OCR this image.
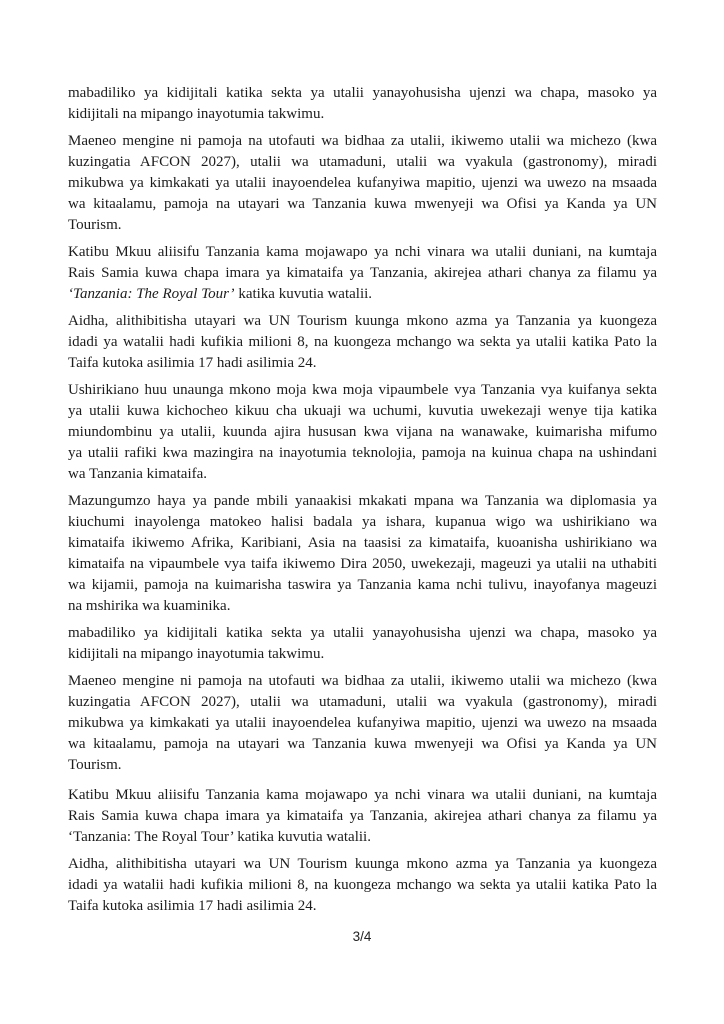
mabadiliko ya kidijitali katika sekta ya utalii yanayohusisha ujenzi wa chapa, masoko ya
kidijitali na mipango inayotumia takwimu.
Maeneo mengine ni pamoja na utofauti wa bidhaa za utalii, ikiwemo utalii wa michezo (kwa
kuzingatia AFCON 2027), utalii wa utamaduni, utalii wa vyakula (gastronomy), miradi
mikubwa ya kimkakati ya utalii inayoendelea kufanyiwa mapitio, ujenzi wa uwezo na msaada
wa kitaalamu, pamoja na utayari wa Tanzania kuwa mwenyeji wa Ofisi ya Kanda ya UN
Tourism.
Katibu Mkuu aliisifu Tanzania kama mojawapo ya nchi vinara wa utalii duniani, na kumtaja
Rais Samia kuwa chapa imara ya kimataifa ya Tanzania, akirejea athari chanya za filamu ya
‘Tanzania: The Royal Tour’ katika kuvutia watalii.
Aidha, alithibitisha utayari wa UN Tourism kuunga mkono azma ya Tanzania ya kuongeza
idadi ya watalii hadi kufikia milioni 8, na kuongeza mchango wa sekta ya utalii katika Pato la
Taifa kutoka asilimia 17 hadi asilimia 24.
Ushirikiano huu unaunga mkono moja kwa moja vipaumbele vya Tanzania vya kuifanya sekta
ya utalii kuwa kichocheo kikuu cha ukuaji wa uchumi, kuvutia uwekezaji wenye tija katika
miundombinu ya utalii, kuunda ajira hususan kwa vijana na wanawake, kuimarisha mifumo
ya utalii rafiki kwa mazingira na inayotumia teknolojia, pamoja na kuinua chapa na ushindani
wa Tanzania kimataifa.
Mazungumzo haya ya pande mbili yanaakisi mkakati mpana wa Tanzania wa diplomasia ya
kiuchumi inayolenga matokeo halisi badala ya ishara, kupanua wigo wa ushirikiano wa
kimataifa ikiwemo Afrika, Karibiani, Asia na taasisi za kimataifa, kuoanisha ushirikiano wa
kimataifa na vipaumbele vya taifa ikiwemo Dira 2050, uwekezaji, mageuzi ya utalii na uthabiti
wa kijamii, pamoja na kuimarisha taswira ya Tanzania kama nchi tulivu, inayofanya mageuzi
na mshirika wa kuaminika.
mabadiliko ya kidijitali katika sekta ya utalii yanayohusisha ujenzi wa chapa, masoko ya
kidijitali na mipango inayotumia takwimu.
Maeneo mengine ni pamoja na utofauti wa bidhaa za utalii, ikiwemo utalii wa michezo (kwa
kuzingatia AFCON 2027), utalii wa utamaduni, utalii wa vyakula (gastronomy), miradi
mikubwa ya kimkakati ya utalii inayoendelea kufanyiwa mapitio, ujenzi wa uwezo na msaada
wa kitaalamu, pamoja na utayari wa Tanzania kuwa mwenyeji wa Ofisi ya Kanda ya UN
Tourism.
Katibu Mkuu aliisifu Tanzania kama mojawapo ya nchi vinara wa utalii duniani, na kumtaja
Rais Samia kuwa chapa imara ya kimataifa ya Tanzania, akirejea athari chanya za filamu ya
‘Tanzania: The Royal Tour’ katika kuvutia watalii.
Aidha, alithibitisha utayari wa UN Tourism kuunga mkono azma ya Tanzania ya kuongeza
idadi ya watalii hadi kufikia milioni 8, na kuongeza mchango wa sekta ya utalii katika Pato la
Taifa kutoka asilimia 17 hadi asilimia 24.
3/4
